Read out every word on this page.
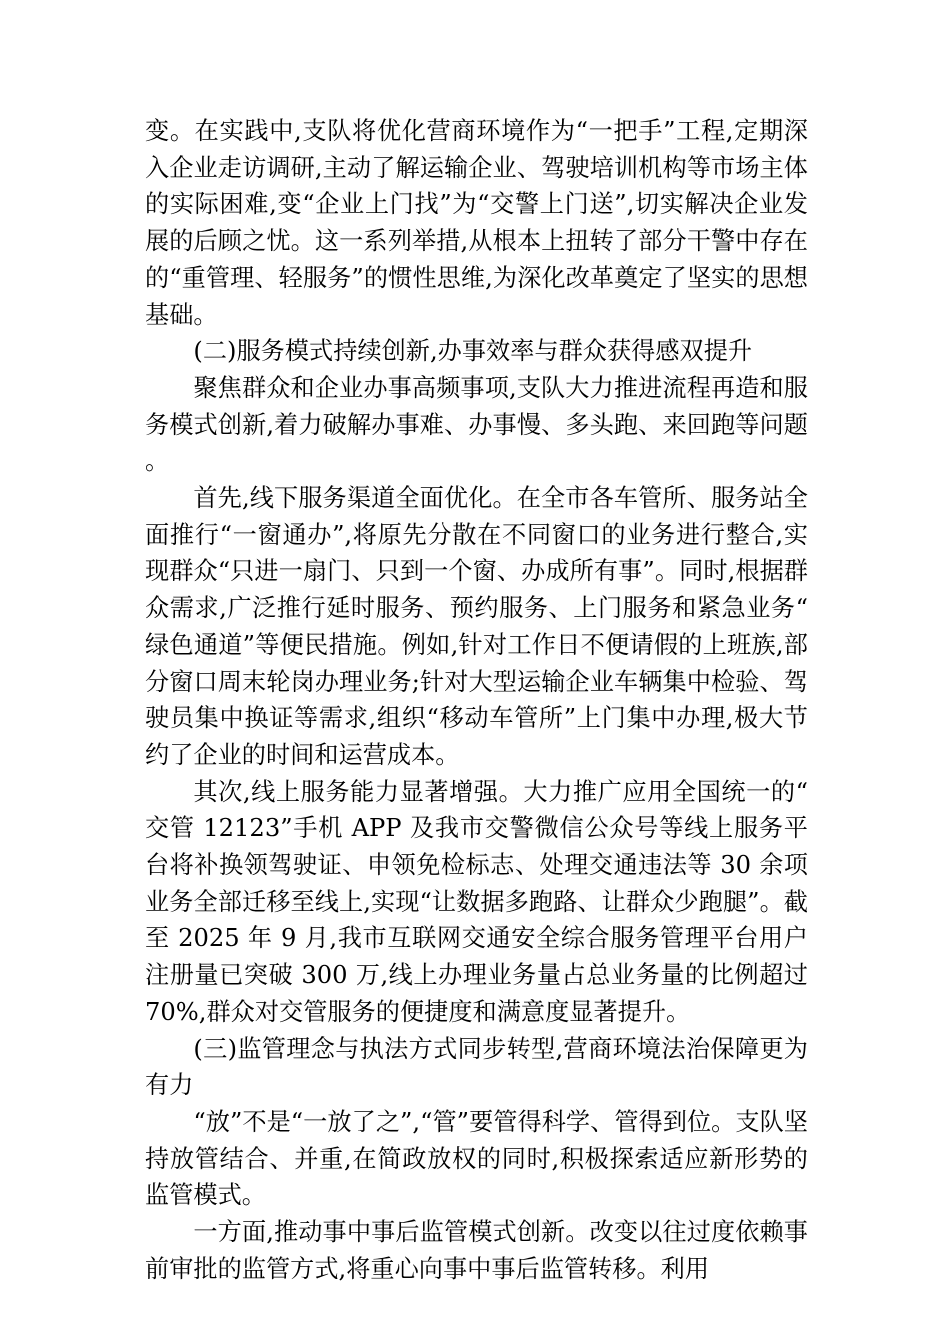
变。在实践中,支队将优化营商环境作为“一把手”工程,定期深入企业走访调研,主动了解运输企业、驾驶培训机构等市场主体的实际困难,变“企业上门找”为“交警上门送”,切实解决企业发展的后顾之忧。这一系列举措,从根本上扭转了部分干警中存在的“重管理、轻服务”的惯性思维,为深化改革奠定了坚实的思想基础。

(二)服务模式持续创新,办事效率与群众获得感双提升

聚焦群众和企业办事高频事项,支队大力推进流程再造和服务模式创新,着力破解办事难、办事慢、多头跑、来回跑等问题。

首先,线下服务渠道全面优化。在全市各车管所、服务站全面推行“一窗通办”,将原先分散在不同窗口的业务进行整合,实现群众“只进一扇门、只到一个窗、办成所有事”。同时,根据群众需求,广泛推行延时服务、预约服务、上门服务和紧急业务“绿色通道”等便民措施。例如,针对工作日不便请假的上班族,部分窗口周末轮岗办理业务;针对大型运输企业车辆集中检验、驾驶员集中换证等需求,组织“移动车管所”上门集中办理,极大节约了企业的时间和运营成本。

其次,线上服务能力显著增强。大力推广应用全国统一的“交管 12123”手机 APP 及我市交警微信公众号等线上服务平台将补换领驾驶证、申领免检标志、处理交通违法等 30 余项业务全部迁移至线上,实现“让数据多跑路、让群众少跑腿”。截至 2025 年 9 月,我市互联网交通安全综合服务管理平台用户注册量已突破 300 万,线上办理业务量占总业务量的比例超过 70%,群众对交管服务的便捷度和满意度显著提升。

(三)监管理念与执法方式同步转型,营商环境法治保障更为有力

“放”不是“一放了之”,“管”要管得科学、管得到位。支队坚持放管结合、并重,在简政放权的同时,积极探索适应新形势的监管模式。

一方面,推动事中事后监管模式创新。改变以往过度依赖事前审批的监管方式,将重心向事中事后监管转移。利用
